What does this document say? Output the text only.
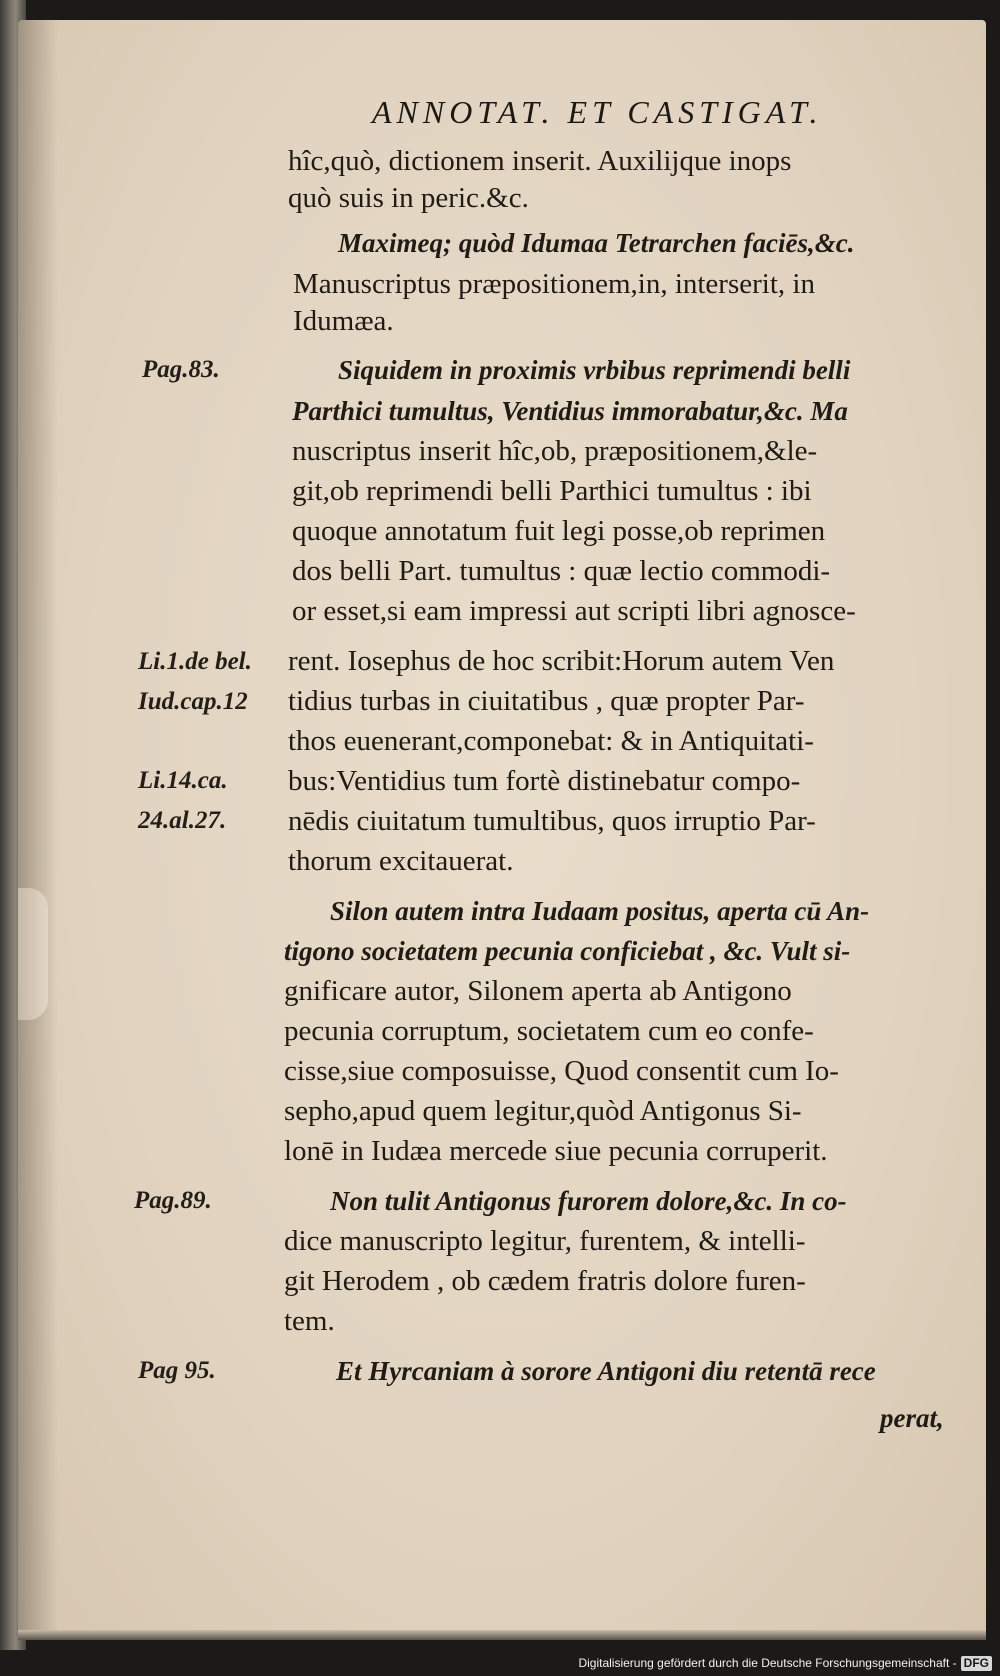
ANNOTAT. ET CASTIGAT.
hîc,quò, dictionem inserit. Auxilijque inops
quò suis in peric.&c.
Maximeq; quòd Idumaa Tetrarchen faciēs,&c.
Manuscriptus præpositionem,in, interserit, in
Idumæa.
Siquidem in proximis vrbibus reprimendi belli
Parthici tumultus, Ventidius immorabatur,&c. Ma
nuscriptus inserit hîc,ob, præpositionem,&le-
git,ob reprimendi belli Parthici tumultus : ibi
quoque annotatum fuit legi posse,ob reprimen
dos belli Part. tumultus : quæ lectio commodi-
or esset,si eam impressi aut scripti libri agnosce-
rent. Iosephus de hoc scribit:Horum autem Ven
tidius turbas in ciuitatibus , quæ propter Par-
thos euenerant,componebat: & in Antiquitati-
bus:Ventidius tum fortè distinebatur compo-
nēdis ciuitatum tumultibus, quos irruptio Par-
thorum excitauerat.
Silon autem intra Iudaam positus, aperta cū An-
tigono societatem pecunia conficiebat , &c. Vult si-
gnificare autor, Silonem aperta ab Antigono
pecunia corruptum, societatem cum eo confe-
cisse,siue composuisse, Quod consentit cum Io-
sepho,apud quem legitur,quòd Antigonus Si-
lonē in Iudæa mercede siue pecunia corruperit.
Non tulit Antigonus furorem dolore,&c. In co-
dice manuscripto legitur, furentem, & intelli-
git Herodem , ob cædem fratris dolore furen-
tem.
Et Hyrcaniam à sorore Antigoni diu retentā rece
perat,
Pag.83.
Li.1.de bel.
Iud.cap.12
Li.14.ca.
24.al.27.
Pag.89.
Pag 95.
Digitalisierung gefördert durch die Deutsche Forschungsgemeinschaft - DFG
